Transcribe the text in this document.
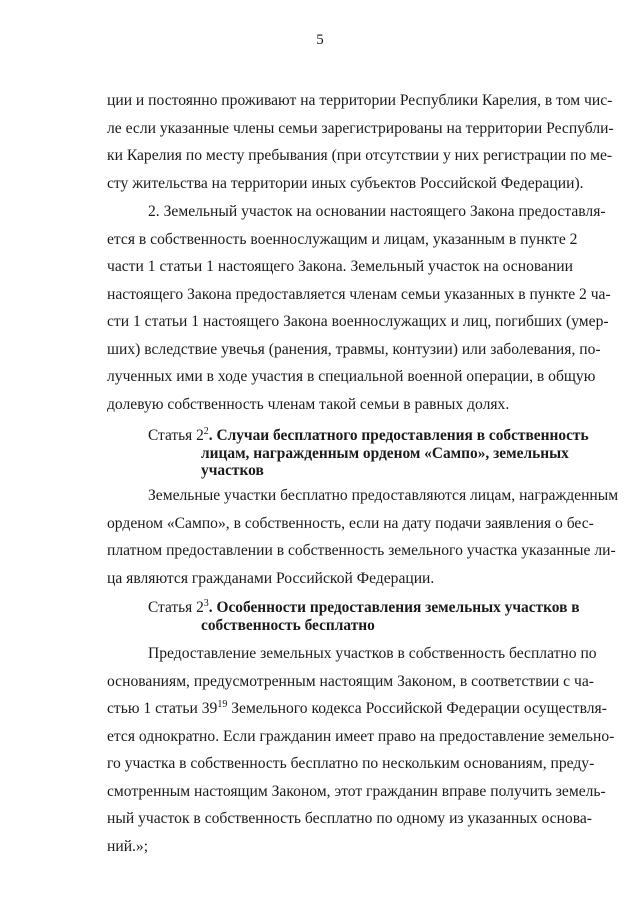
5
ции и постоянно проживают на территории Республики Карелия, в том чис-
ле если указанные члены семьи зарегистрированы на территории Республи-
ки Карелия по месту пребывания (при отсутствии у них регистрации по ме-
сту жительства на территории иных субъектов Российской Федерации).
2. Земельный участок на основании настоящего Закона предоставля-
ется в собственность военнослужащим и лицам, указанным в пункте 2
части 1 статьи 1 настоящего Закона. Земельный участок на основании
настоящего Закона предоставляется членам семьи указанных в пункте 2 ча-
сти 1 статьи 1 настоящего Закона военнослужащих и лиц, погибших (умер-
ших) вследствие увечья (ранения, травмы, контузии) или заболевания, по-
лученных ими в ходе участия в специальной военной операции, в общую
долевую собственность членам такой семьи в равных долях.
Статья $2^2$. Случаи бесплатного предоставления в собственность
лицам, награжденным орденом «Сампо», земельных
участков
Земельные участки бесплатно предоставляются лицам, награжденным
орденом «Сампо», в собственность, если на дату подачи заявления о бес-
платном предоставлении в собственность земельного участка указанные ли-
ца являются гражданами Российской Федерации.
Статья $2^3$. Особенности предоставления земельных участков в
собственность бесплатно
Предоставление земельных участков в собственность бесплатно по
основаниям, предусмотренным настоящим Законом, в соответствии с ча-
стью 1 статьи $39^{19}$ Земельного кодекса Российской Федерации осуществля-
ется однократно. Если гражданин имеет право на предоставление земельно-
го участка в собственность бесплатно по нескольким основаниям, преду-
смотренным настоящим Законом, этот гражданин вправе получить земель-
ный участок в собственность бесплатно по одному из указанных основа-
ний.»;
